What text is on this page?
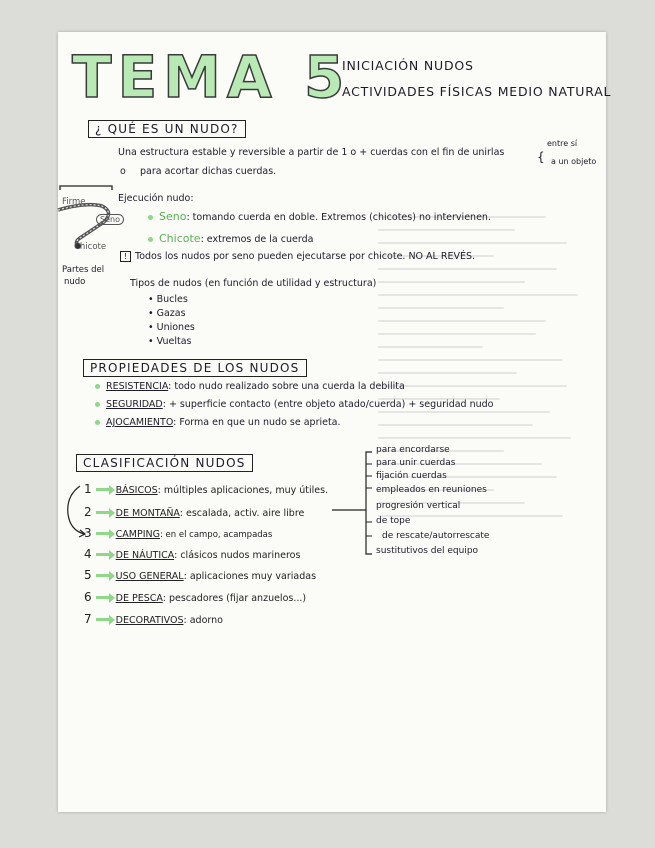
TEMA 5
INICIACIÓN NUDOS
ACTIVIDADES FÍSICAS MEDIO NATURAL
¿ QUÉ ES UN NUDO?
Una estructura estable y reversible a partir de 1 o + cuerdas con el fin de unirlas	{
entre sí
a un objeto
o para acortar dichas cuerdas.
Firme
Seno
Chicote
Partes del
nudo
Ejecución nudo:
Seno: tomando cuerda en doble. Extremos (chicotes) no intervienen.
Chicote: extremos de la cuerda
! Todos los nudos por seno pueden ejecutarse por chicote. NO AL REVÉS.
Tipos de nudos (en función de utilidad y estructura)
• Bucles
• Gazas
• Uniones
• Vueltas
PROPIEDADES DE LOS NUDOS
RESISTENCIA: todo nudo realizado sobre una cuerda la debilita
SEGURIDAD: + superficie contacto (entre objeto atado/cuerda) + seguridad nudo
AJOCAMIENTO: Forma en que un nudo se aprieta.
CLASIFICACIÓN NUDOS
1	BÁSICOS: múltiples aplicaciones, muy útiles.
2	DE MONTAÑA: escalada, activ. aire libre
3	CAMPING: en el campo, acampadas
4	DE NÁUTICA: clásicos nudos marineros
5	USO GENERAL: aplicaciones muy variadas
6	DE PESCA: pescadores (fijar anzuelos...)
7	DECORATIVOS: adorno
para encordarse
para unir cuerdas
fijación cuerdas
empleados en reuniones
progresión vertical
de tope
de rescate/autorrescate
sustitutivos del equipo
